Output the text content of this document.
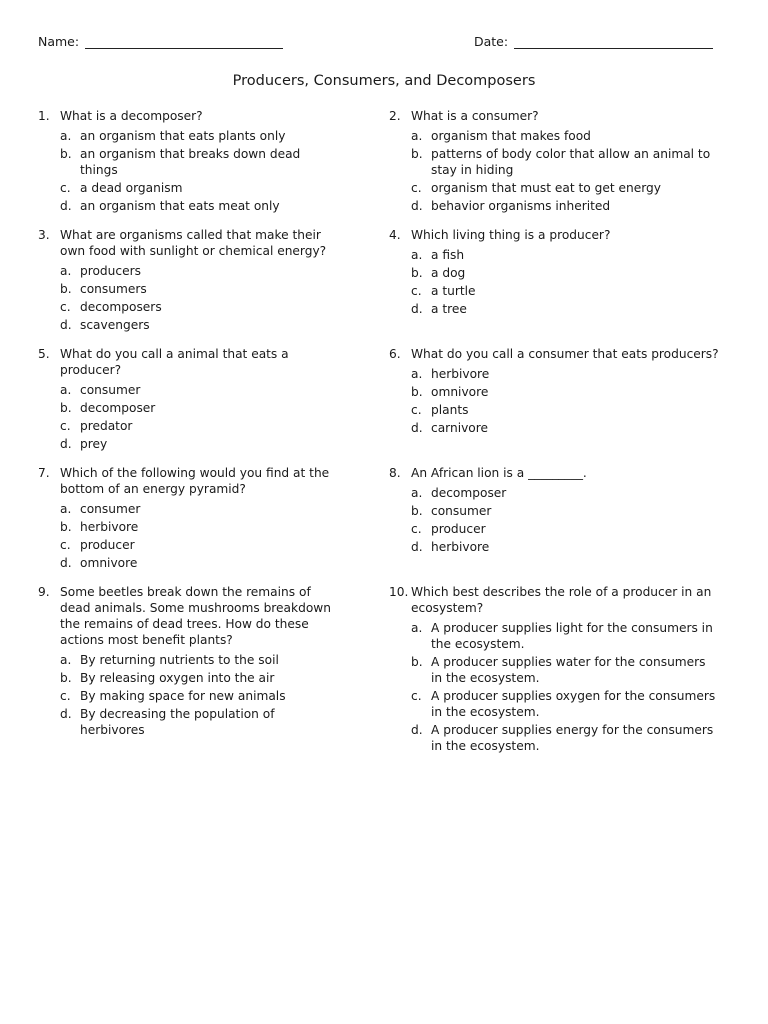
Name:	Date:
Producers, Consumers, and Decomposers
1. What is a decomposer?
a. an organism that eats plants only
b. an organism that breaks down dead things
c. a dead organism
d. an organism that eats meat only
2. What is a consumer?
a. organism that makes food
b. patterns of body color that allow an animal to stay in hiding
c. organism that must eat to get energy
d. behavior organisms inherited
3. What are organisms called that make their own food with sunlight or chemical energy?
a. producers
b. consumers
c. decomposers
d. scavengers
4. Which living thing is a producer?
a. a fish
b. a dog
c. a turtle
d. a tree
5. What do you call a animal that eats a producer?
a. consumer
b. decomposer
c. predator
d. prey
6. What do you call a consumer that eats producers?
a. herbivore
b. omnivore
c. plants
d. carnivore
7. Which of the following would you find at the bottom of an energy pyramid?
a. consumer
b. herbivore
c. producer
d. omnivore
8. An African lion is a _________.
a. decomposer
b. consumer
c. producer
d. herbivore
9. Some beetles break down the remains of dead animals. Some mushrooms breakdown the remains of dead trees. How do these actions most benefit plants?
a. By returning nutrients to the soil
b. By releasing oxygen into the air
c. By making space for new animals
d. By decreasing the population of herbivores
10. Which best describes the role of a producer in an ecosystem?
a. A producer supplies light for the consumers in the ecosystem.
b. A producer supplies water for the consumers in the ecosystem.
c. A producer supplies oxygen for the consumers in the ecosystem.
d. A producer supplies energy for the consumers in the ecosystem.
